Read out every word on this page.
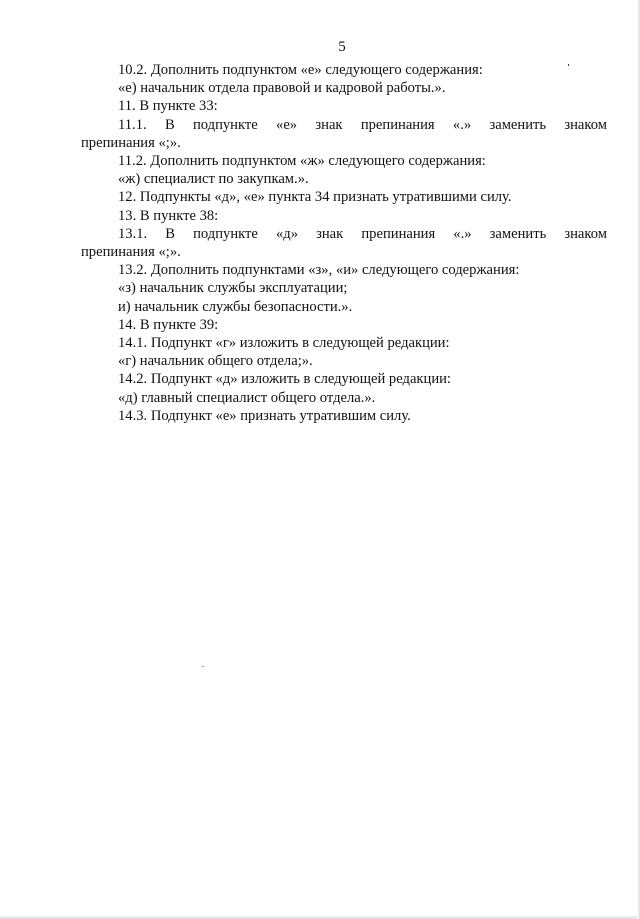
5

10.2. Дополнить подпунктом «е» следующего содержания:

«е) начальник отдела правовой и кадровой работы.».

11. В пункте 33:

11.1. В подпункте «е» знак препинания «.» заменить знаком
препинания «;».

11.2. Дополнить подпунктом «ж» следующего содержания:

«ж) специалист по закупкам.».

12. Подпункты «д», «е» пункта 34 признать утратившими силу.

13. В пункте 38:

13.1. В подпункте «д» знак препинания «.» заменить знаком
препинания «;».

13.2. Дополнить подпунктами «з», «и» следующего содержания:

«з) начальник службы эксплуатации;

и) начальник службы безопасности.».

14. В пункте 39:

14.1. Подпункт «г» изложить в следующей редакции:

«г) начальник общего отдела;».

14.2. Подпункт «д» изложить в следующей редакции:

«д) главный специалист общего отдела.».

14.3. Подпункт «е» признать утратившим силу.
